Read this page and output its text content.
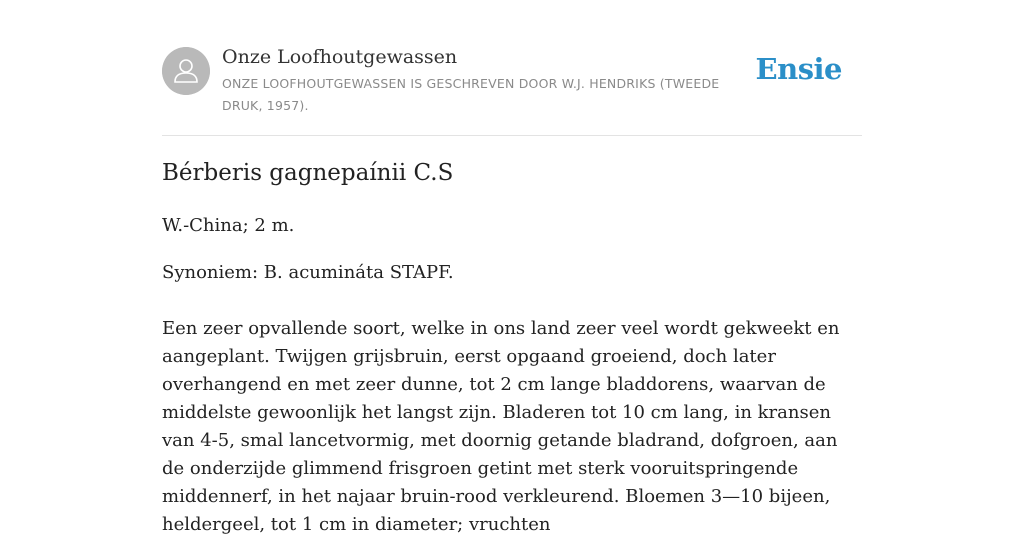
Onze Loofhoutgewassen
ONZE LOOFHOUTGEWASSEN IS GESCHREVEN DOOR W.J. HENDRIKS (TWEEDE DRUK, 1957).
Ensie
Bérberis gagnepaínii C.S

W.-China; 2 m.

Synoniem: B. acumináta STAPF.

Een zeer opvallende soort, welke in ons land zeer veel wordt gekweekt en aangeplant. Twijgen grijsbruin, eerst opgaand groeiend, doch later overhangend en met zeer dunne, tot 2 cm lange bladdorens, waarvan de middelste gewoonlijk het langst zijn. Bladeren tot 10 cm lang, in kransen van 4-5, smal lancetvormig, met doornig getande bladrand, dofgroen, aan de onderzijde glimmend frisgroen getint met sterk vooruitspringende middennerf, in het najaar bruin-rood verkleurend. Bloemen 3—10 bijeen, heldergeel, tot 1 cm in diameter; vruchten
